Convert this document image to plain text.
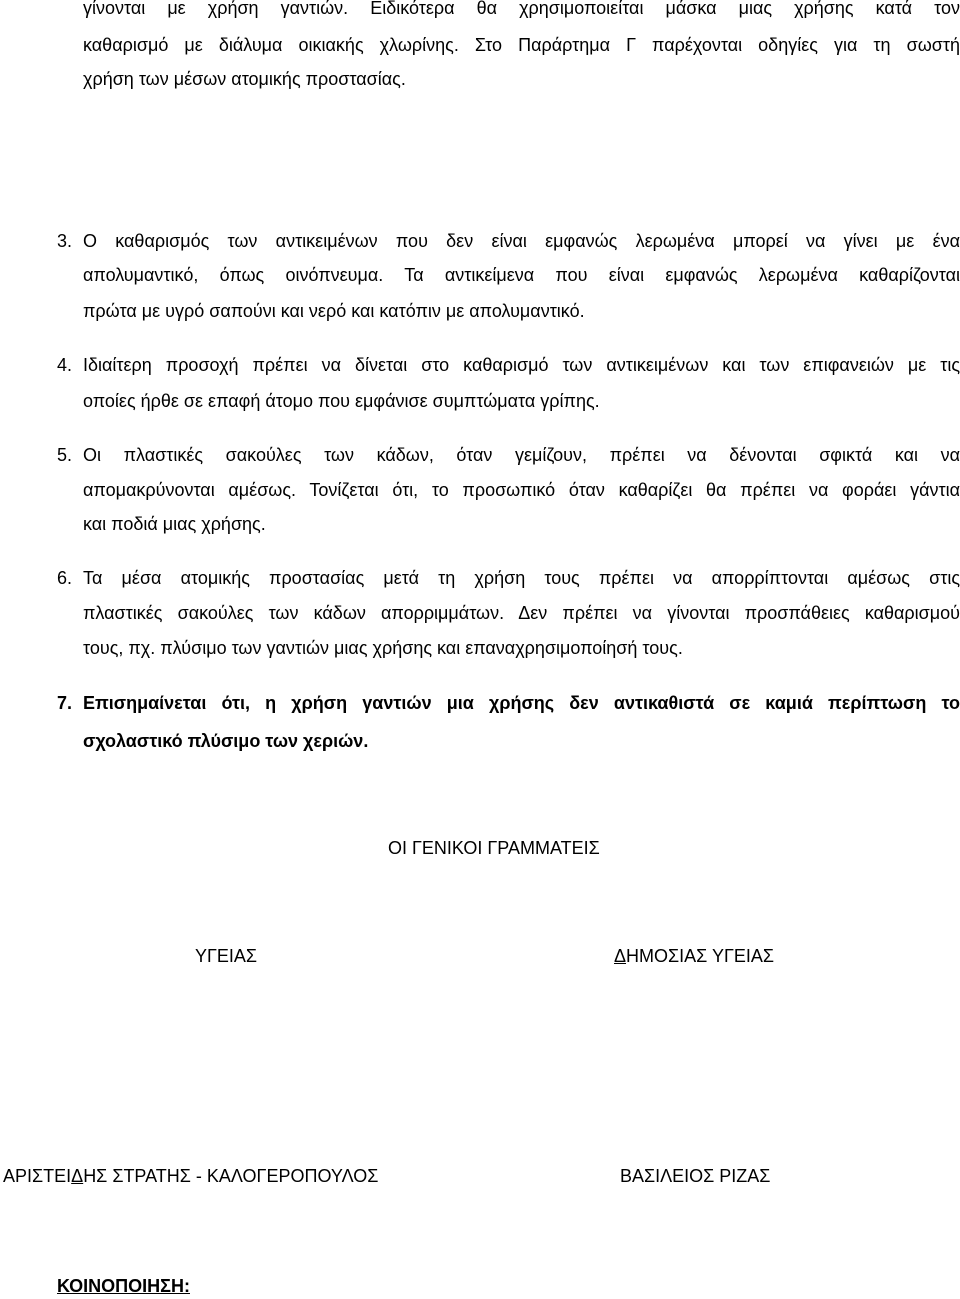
γίνονται με χρήση γαντιών. Ειδικότερα θα χρησιμοποιείται μάσκα μιας χρήσης κατά τον

καθαρισμό με διάλυμα οικιακής χλωρίνης. Στο Παράρτημα Γ παρέχονται οδηγίες για τη σωστή

χρήση των μέσων ατομικής προστασίας.

3. Ο καθαρισμός των αντικειμένων που δεν είναι εμφανώς λερωμένα μπορεί να γίνει με ένα

απολυμαντικό, όπως οινόπνευμα. Τα αντικείμενα που είναι εμφανώς λερωμένα καθαρίζονται

πρώτα με υγρό σαπούνι και νερό και κατόπιν με απολυμαντικό.

4. Ιδιαίτερη προσοχή πρέπει να δίνεται στο καθαρισμό των αντικειμένων και των επιφανειών με τις

οποίες ήρθε σε επαφή άτομο που εμφάνισε συμπτώματα γρίπης.

5. Οι πλαστικές σακούλες των κάδων, όταν γεμίζουν, πρέπει να δένονται σφικτά και να

απομακρύνονται αμέσως. Τονίζεται ότι, το προσωπικό όταν καθαρίζει θα πρέπει να φοράει γάντια

και ποδιά μιας χρήσης.

6. Τα μέσα ατομικής προστασίας μετά τη χρήση τους πρέπει να απορρίπτονται αμέσως στις

πλαστικές σακούλες των κάδων απορριμμάτων. Δεν πρέπει να γίνονται προσπάθειες καθαρισμού

τους, πχ. πλύσιμο των γαντιών μιας χρήσης και επαναχρησιμοποίησή τους.

7. Επισημαίνεται ότι, η χρήση γαντιών μια χρήσης δεν αντικαθιστά σε καμιά περίπτωση το

σχολαστικό πλύσιμο των χεριών.

ΟΙ ΓΕΝΙΚΟΙ ΓΡΑΜΜΑΤΕΙΣ
ΥΓΕΙΑΣ	ΔΗΜΟΣΙΑΣ ΥΓΕΙΑΣ
ΑΡΙΣΤΕΙΔΗΣ ΣΤΡΑΤΗΣ - ΚΑΛΟΓΕΡΟΠΟΥΛΟΣ	ΒΑΣΙΛΕΙΟΣ ΡΙΖΑΣ
ΚΟΙΝΟΠΟΙΗΣΗ:
